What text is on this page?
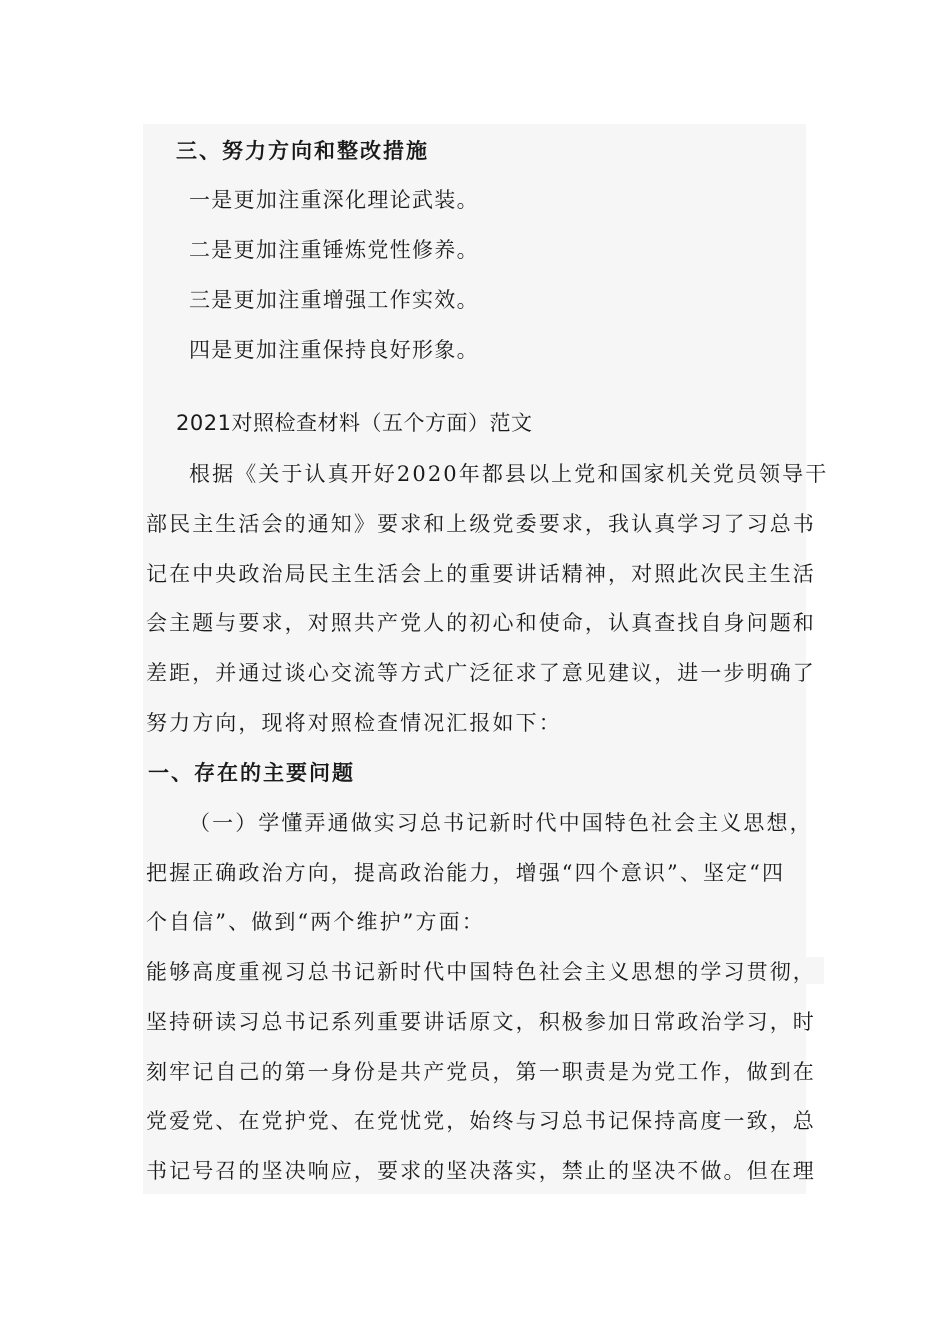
三、努力方向和整改措施
一是更加注重深化理论武装。
二是更加注重锤炼党性修养。
三是更加注重增强工作实效。
四是更加注重保持良好形象。
2021对照检查材料（五个方面）范文
根据《关于认真开好2020年都县以上党和国家机关党员领导干
部民主生活会的通知》要求和上级党委要求，我认真学习了习总书
记在中央政治局民主生活会上的重要讲话精神，对照此次民主生活
会主题与要求，对照共产党人的初心和使命，认真查找自身问题和
差距，并通过谈心交流等方式广泛征求了意见建议，进一步明确了
努力方向，现将对照检查情况汇报如下：
一、存在的主要问题
（一）学懂弄通做实习总书记新时代中国特色社会主义思想，
把握正确政治方向，提高政治能力，增强“四个意识”、坚定“四
个自信”、做到“两个维护”方面：
能够高度重视习总书记新时代中国特色社会主义思想的学习贯彻，
坚持研读习总书记系列重要讲话原文，积极参加日常政治学习，时
刻牢记自己的第一身份是共产党员，第一职责是为党工作，做到在
党爱党、在党护党、在党忧党，始终与习总书记保持高度一致，总
书记号召的坚决响应，要求的坚决落实，禁止的坚决不做。但在理
